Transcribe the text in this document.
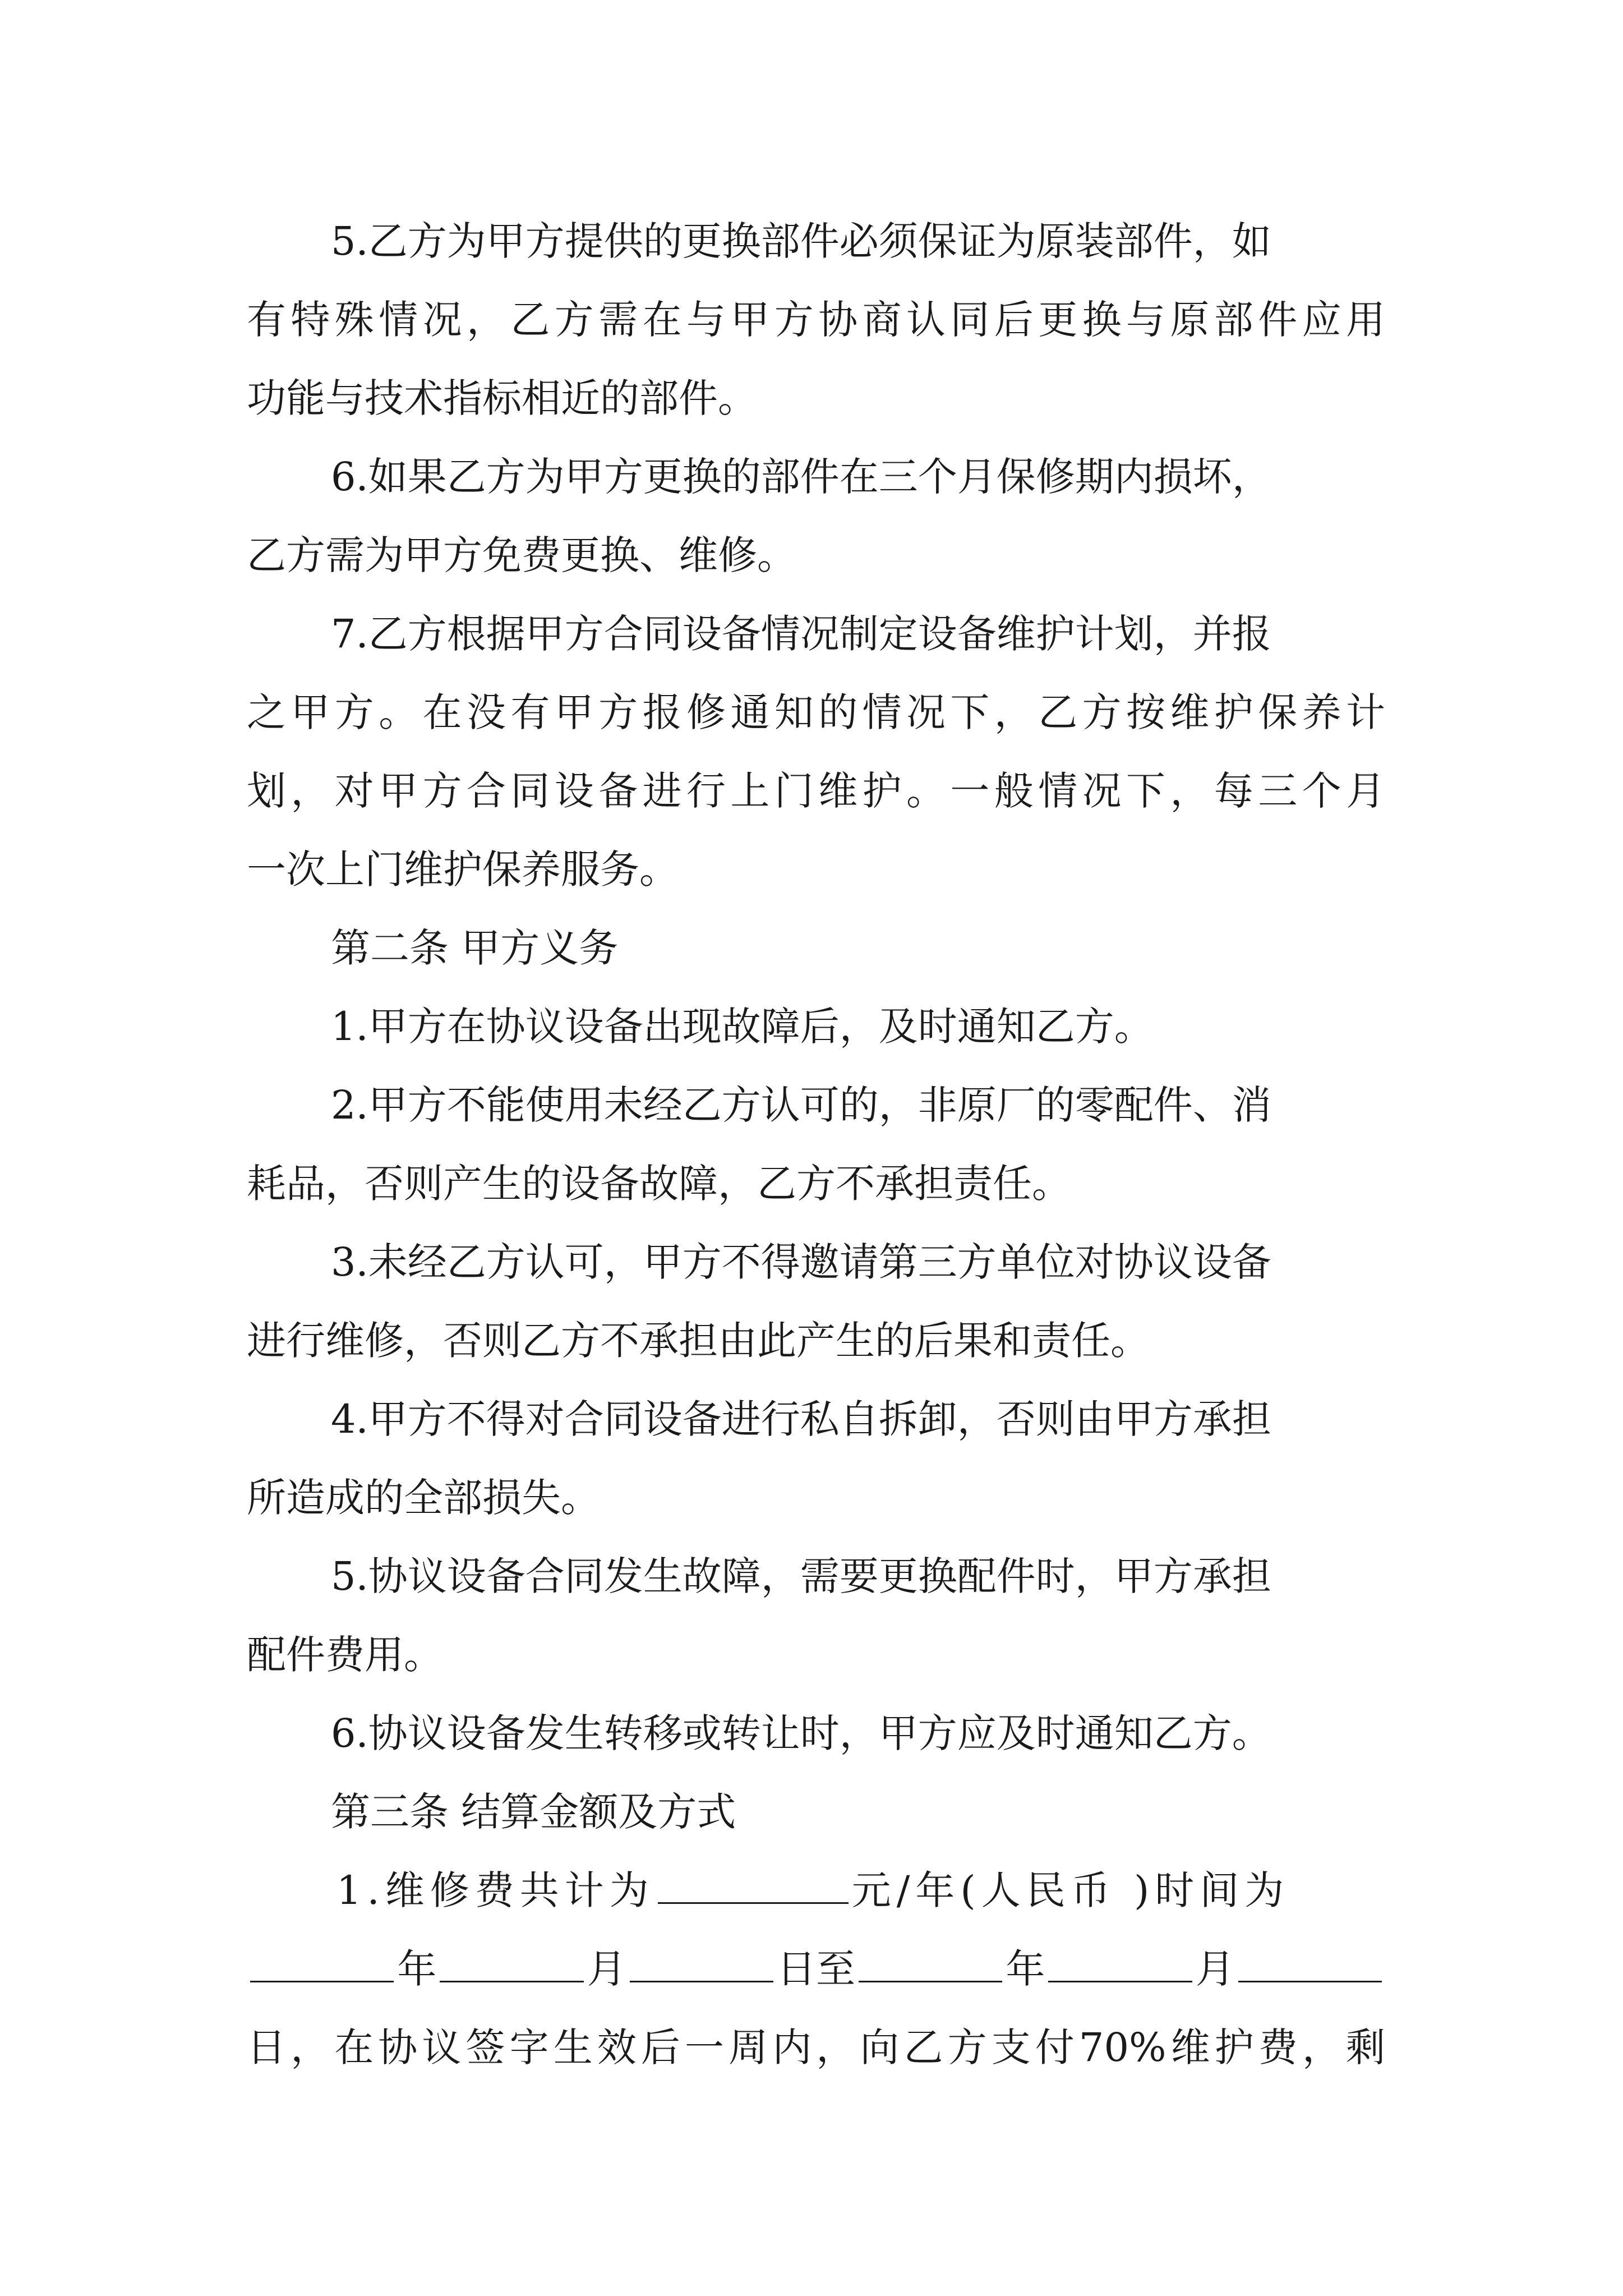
5.乙方为甲方提供的更换部件必须保证为原装部件，如
有特殊情况，乙方需在与甲方协商认同后更换与原部件应用
功能与技术指标相近的部件。
6.如果乙方为甲方更换的部件在三个月保修期内损坏，
乙方需为甲方免费更换、维修。
7.乙方根据甲方合同设备情况制定设备维护计划，并报
之甲方。在没有甲方报修通知的情况下，乙方按维护保养计
划，对甲方合同设备进行上门维护。一般情况下，每三个月
一次上门维护保养服务。
第二条 甲方义务
1.甲方在协议设备出现故障后，及时通知乙方。
2.甲方不能使用未经乙方认可的，非原厂的零配件、消
耗品，否则产生的设备故障，乙方不承担责任。
3.未经乙方认可，甲方不得邀请第三方单位对协议设备
进行维修，否则乙方不承担由此产生的后果和责任。
4.甲方不得对合同设备进行私自拆卸，否则由甲方承担
所造成的全部损失。
5.协议设备合同发生故障，需要更换配件时，甲方承担
配件费用。
6.协议设备发生转移或转让时，甲方应及时通知乙方。
第三条 结算金额及方式
1.维修费共计为	元/年(人民币 )时间为
年	月	日至	年	月
日，在协议签字生效后一周内，向乙方支付70%维护费，剩
